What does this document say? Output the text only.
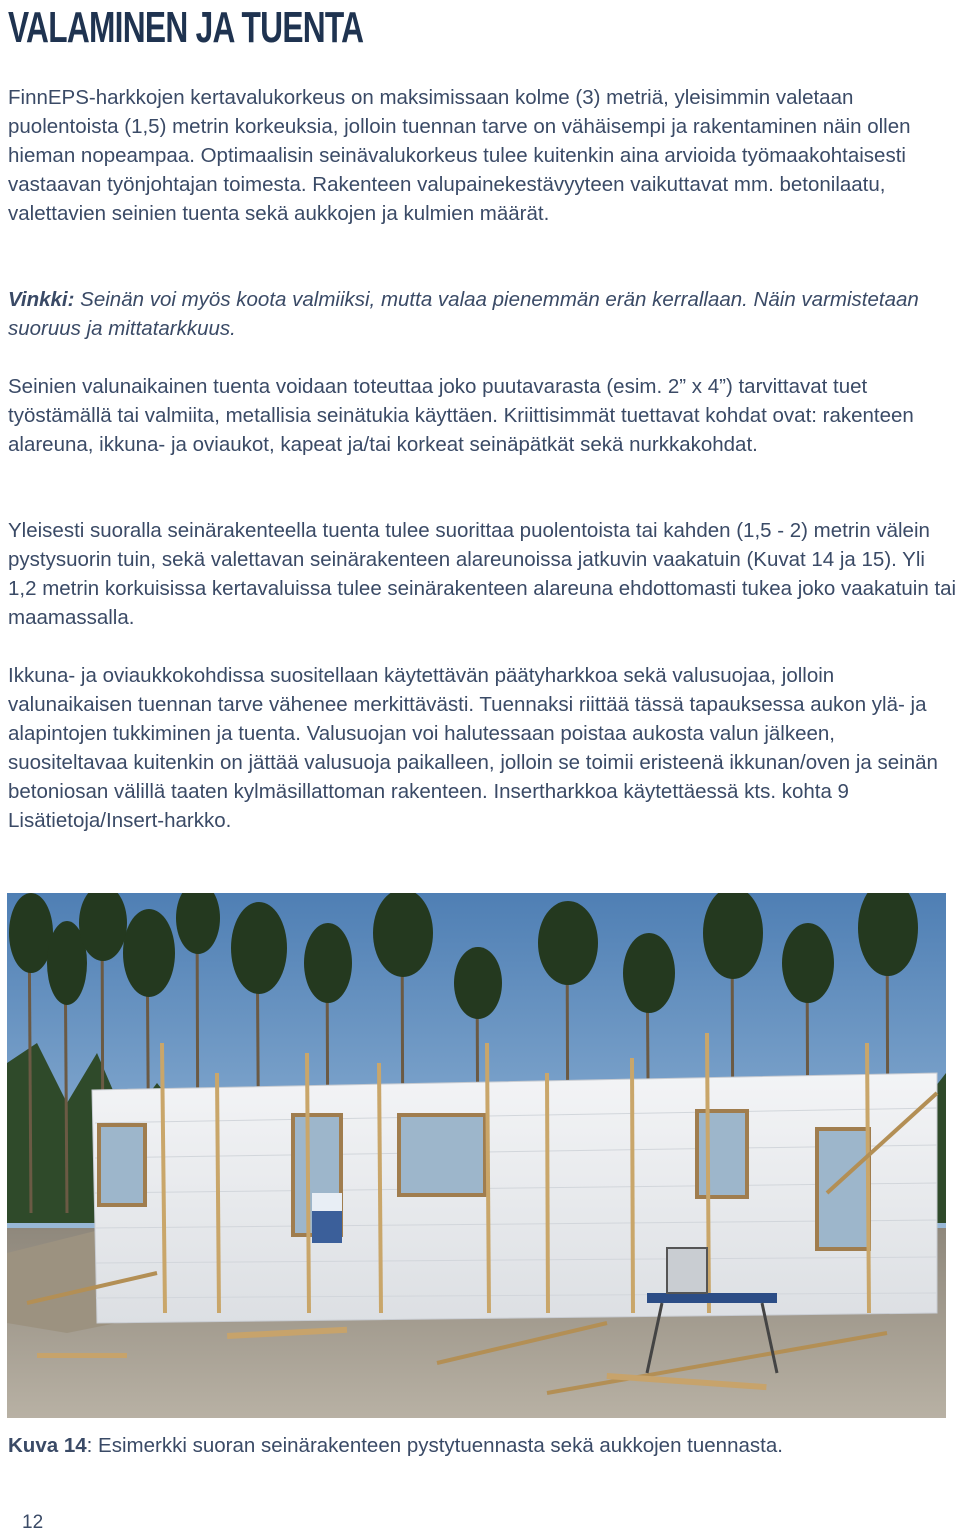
VALAMINEN JA TUENTA

FinnEPS-harkkojen kertavalukorkeus on maksimissaan kolme (3) metriä, yleisimmin valetaan puolentoista (1,5) metrin korkeuksia, jolloin tuennan tarve on vähäisempi ja rakentaminen näin ollen hieman nopeampaa. Optimaalisin seinävalukorkeus tulee kuitenkin aina arvioida työmaakohtaisesti vastaavan työnjohtajan toimesta. Rakenteen valupainekestävyyteen vaikuttavat mm. betonilaatu, valettavien seinien tuenta sekä aukkojen ja kulmien määrät.

Vinkki: Seinän voi myös koota valmiiksi, mutta valaa pienemmän erän kerrallaan. Näin varmistetaan suoruus ja mittatarkkuus.

Seinien valunaikainen tuenta voidaan toteuttaa joko puutavarasta (esim. 2” x 4”) tarvittavat tuet työstämällä tai valmiita, metallisia seinätukia käyttäen. Kriittisimmät tuettavat kohdat ovat: rakenteen alareuna, ikkuna- ja oviaukot, kapeat ja/tai korkeat seinäpätkät sekä nurkkakohdat.

Yleisesti suoralla seinärakenteella tuenta tulee suorittaa puolentoista tai kahden (1,5 - 2) metrin välein pystysuorin tuin, sekä valettavan seinärakenteen alareunoissa jatkuvin vaakatuin (Kuvat 14 ja 15). Yli 1,2 metrin korkuisissa kertavaluissa tulee seinärakenteen alareuna ehdottomasti tukea joko vaakatuin tai maamassalla.

Ikkuna- ja oviaukkokohdissa suositellaan käytettävän päätyharkkoa sekä valusuojaa, jolloin valunaikaisen tuennan tarve vähenee merkittävästi. Tuennaksi riittää tässä tapauksessa aukon ylä- ja alapintojen tukkiminen ja tuenta. Valusuojan voi halutessaan poistaa aukosta valun jälkeen, suositeltavaa kuitenkin on jättää valusuoja paikalleen, jolloin se toimii eristeenä ikkunan/oven ja seinän betoniosan välillä taaten kylmäsillattoman rakenteen. Insertharkkoa käytettäessä kts. kohta 9 Lisätietoja/Insert-harkko.

Kuva 14: Esimerkki suoran seinärakenteen pystytuennasta sekä aukkojen tuennasta.

12
